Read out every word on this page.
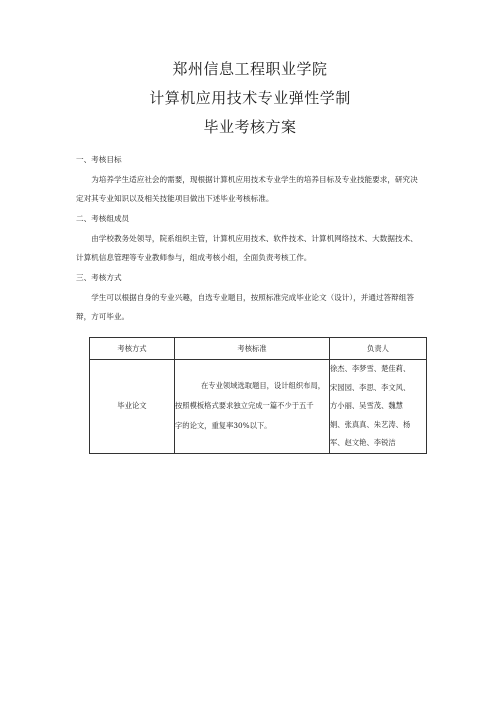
郑州信息工程职业学院
计算机应用技术专业弹性学制
毕业考核方案
一、考核目标
为培养学生适应社会的需要，现根据计算机应用技术专业学生的培养目标及专业技能要求，研究决
定对其专业知识以及相关技能项目做出下述毕业考核标准。
二、考核组成员
由学校教务处领导，院系组织主管，计算机应用技术、软件技术、计算机网络技术、大数据技术、
计算机信息管理等专业教师参与，组成考核小组，全面负责考核工作。
三、考核方式
学生可以根据自身的专业兴趣，自选专业题目，按照标准完成毕业论文（设计），并通过答辩组答
辩，方可毕业。
考核方式	考核标准	负责人
毕业论文	在专业领域选取题目，设计组织布局，
按照模板格式要求独立完成一篇不少于五千
字的论文，重复率30%以下。	徐杰、李梦雪、楚佳莉、
宋园园、李思、李文风、
方小丽、吴雪茂、魏慧
娟、张真真、朱艺涛、杨
军、赵文艳、李锐洁
